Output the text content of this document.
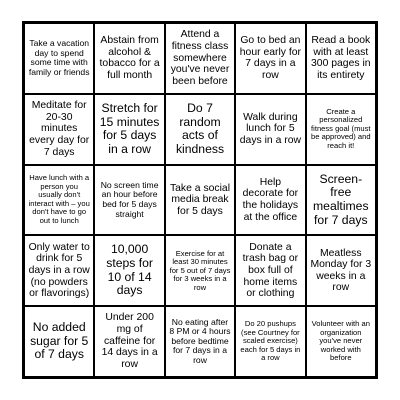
Take a vacation day to spend some time with family or friends
Abstain from alcohol & tobacco for a full month
Attend a fitness class somewhere you've never been before
Go to bed an hour early for 7 days in a row
Read a book with at least 300 pages in its entirety
Meditate for 20-30 minutes every day for 7 days
Stretch for 15 minutes for 5 days in a row
Do 7 random acts of kindness
Walk during lunch for 5 days in a row
Create a personalized fitness goal (must be approved) and reach it!
Have lunch with a person you usually don't interact with – you don't have to go out to lunch
No screen time an hour before bed for 5 days straight
Take a social media break for 5 days
Help decorate for the holidays at the office
Screen-free mealtimes for 7 days
Only water to drink for 5 days in a row (no powders or flavorings)
10,000 steps for 10 of 14 days
Exercise for at least 30 minutes for 5 out of 7 days for 3 weeks in a row
Donate a trash bag or box full of home items or clothing
Meatless Monday for 3 weeks in a row
No added sugar for 5 of 7 days
Under 200 mg of caffeine for 14 days in a row
No eating after 8 PM or 4 hours before bedtime for 7 days in a row
Do 20 pushups (see Courtney for scaled exercise) each for 5 days in a row
Volunteer with an organization you've never worked with before
